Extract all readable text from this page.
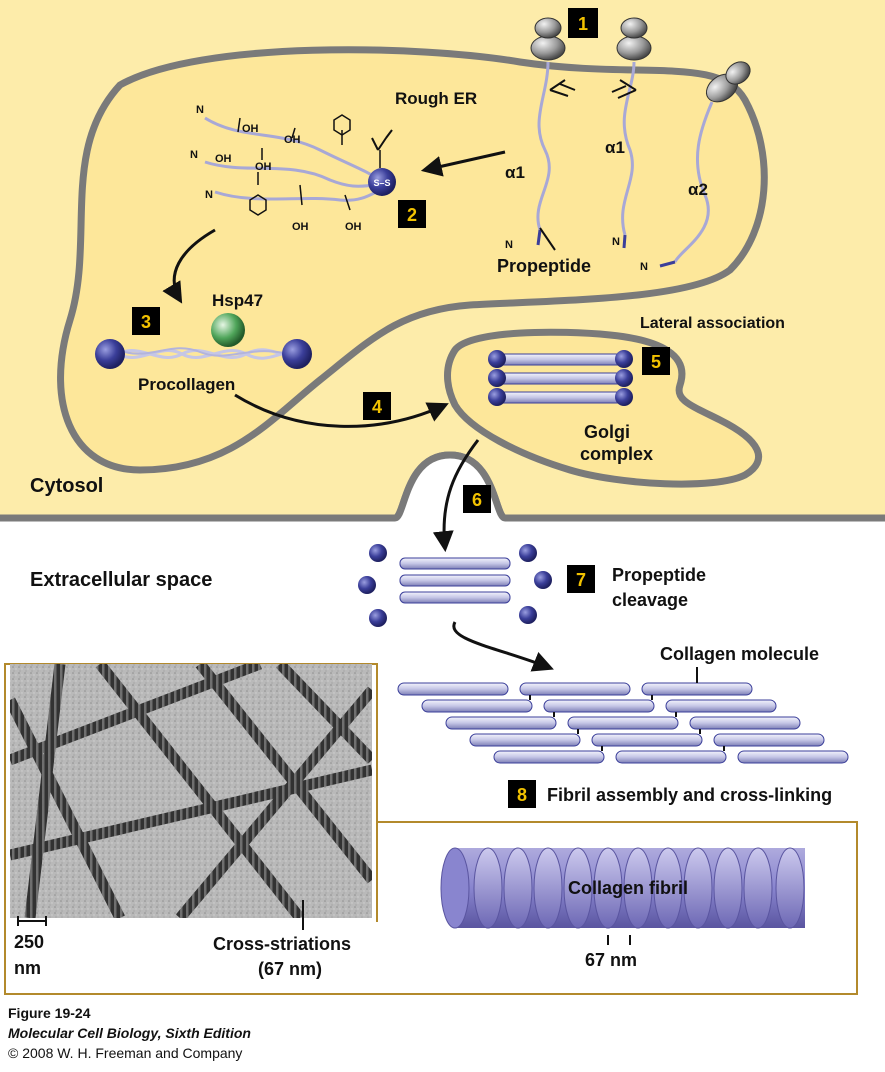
S–S
N
N
N
OH
OH
OH
OH
OH	OH
1
2
3
4
5
6
7
8
Rough ER
α1
α1
α2
N	N
N
Propeptide
Hsp47
Procollagen
Lateral association
Golgi
complex
Cytosol
Extracellular space	Propeptide
cleavage
Collagen molecule
Fibril assembly and cross-linking
Collagen fibril
67 nm
250
nm
Cross-striations
(67 nm)
Figure 19-24
Molecular Cell Biology, Sixth Edition
© 2008 W. H. Freeman and Company
